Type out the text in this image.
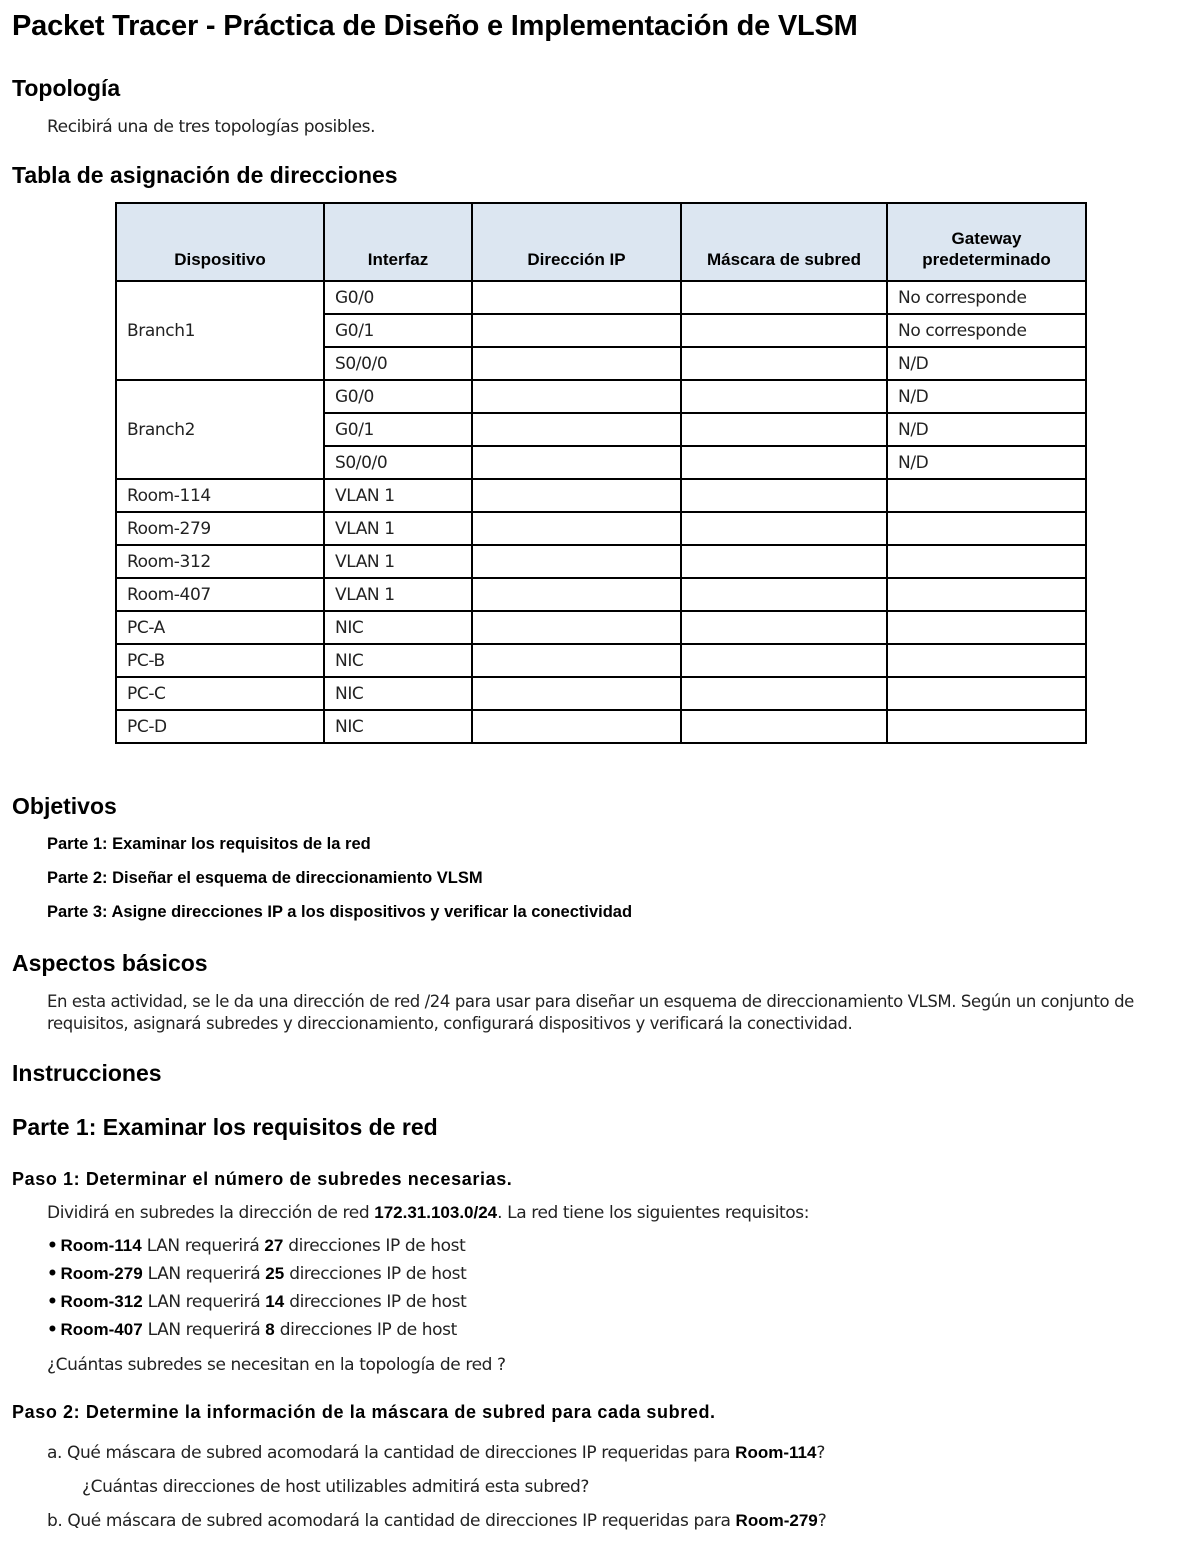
Packet Tracer - Práctica de Diseño e Implementación de VLSM
Topología

Recibirá una de tres topologías posibles.

Tabla de asignación de direcciones
Dispositivo	Interfaz	Dirección IP	Máscara de subred	Gateway predeterminado
Branch1	G0/0			No corresponde
	G0/1			No corresponde
	S0/0/0			N/D
Branch2	G0/0			N/D
	G0/1			N/D
	S0/0/0			N/D
Room-114	VLAN 1			
Room-279	VLAN 1			
Room-312	VLAN 1			
Room-407	VLAN 1			
PC-A	NIC			
PC-B	NIC			
PC-C	NIC			
PC-D	NIC			
Objetivos

Parte 1: Examinar los requisitos de la red

Parte 2: Diseñar el esquema de direccionamiento VLSM

Parte 3: Asigne direcciones IP a los dispositivos y verificar la conectividad

Aspectos básicos

En esta actividad, se le da una dirección de red /24 para usar para diseñar un esquema de direccionamiento VLSM. Según un conjunto de requisitos, asignará subredes y direccionamiento, configurará dispositivos y verificará la conectividad.

Instrucciones
Parte 1: Examinar los requisitos de red
Paso 1: Determinar el número de subredes necesarias.

Dividirá en subredes la dirección de red 172.31.103.0/24. La red tiene los siguientes requisitos:

• Room-114 LAN requerirá 27 direcciones IP de host
• Room-279 LAN requerirá 25 direcciones IP de host
• Room-312 LAN requerirá 14 direcciones IP de host
• Room-407 LAN requerirá 8 direcciones IP de host

¿Cuántas subredes se necesitan en la topología de red ?

Paso 2: Determine la información de la máscara de subred para cada subred.

a. Qué máscara de subred acomodará la cantidad de direcciones IP requeridas para Room-114?

¿Cuántas direcciones de host utilizables admitirá esta subred?

b. Qué máscara de subred acomodará la cantidad de direcciones IP requeridas para Room-279?
